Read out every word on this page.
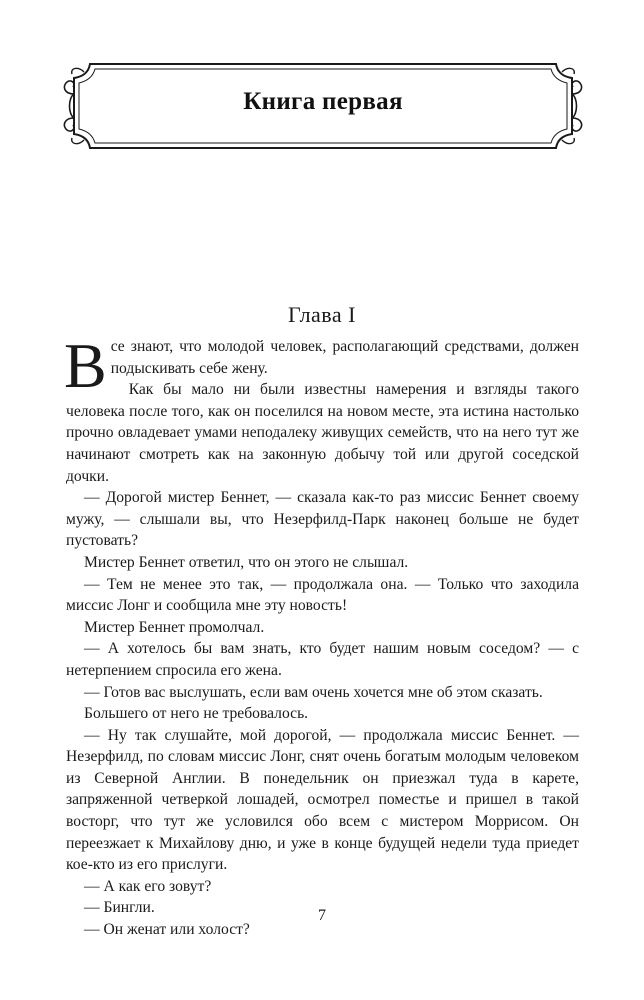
Книга первая
Глава I

Все знают, что молодой человек, располагающий средствами, должен подыскивать себе жену.

Как бы мало ни были известны намерения и взгляды такого человека после того, как он поселился на новом месте, эта истина настолько прочно овладевает умами неподалеку живущих семейств, что на него тут же начинают смотреть как на законную добычу той или другой соседской дочки.

— Дорогой мистер Беннет, — сказала как-то раз миссис Беннет своему мужу, — слышали вы, что Незерфилд-Парк наконец больше не будет пустовать?

Мистер Беннет ответил, что он этого не слышал.

— Тем не менее это так, — продолжала она. — Только что заходила миссис Лонг и сообщила мне эту новость!

Мистер Беннет промолчал.

— А хотелось бы вам знать, кто будет нашим новым соседом? — с нетерпением спросила его жена.

— Готов вас выслушать, если вам очень хочется мне об этом сказать.

Большего от него не требовалось.

— Ну так слушайте, мой дорогой, — продолжала миссис Беннет. — Незерфилд, по словам миссис Лонг, снят очень богатым молодым человеком из Северной Англии. В понедельник он приезжал туда в карете, запряженной четверкой лошадей, осмотрел поместье и пришел в такой восторг, что тут же условился обо всем с мистером Моррисом. Он переезжает к Михайлову дню, и уже в конце будущей недели туда приедет кое-кто из его прислуги.

— А как его зовут?

— Бингли.

— Он женат или холост?

7
